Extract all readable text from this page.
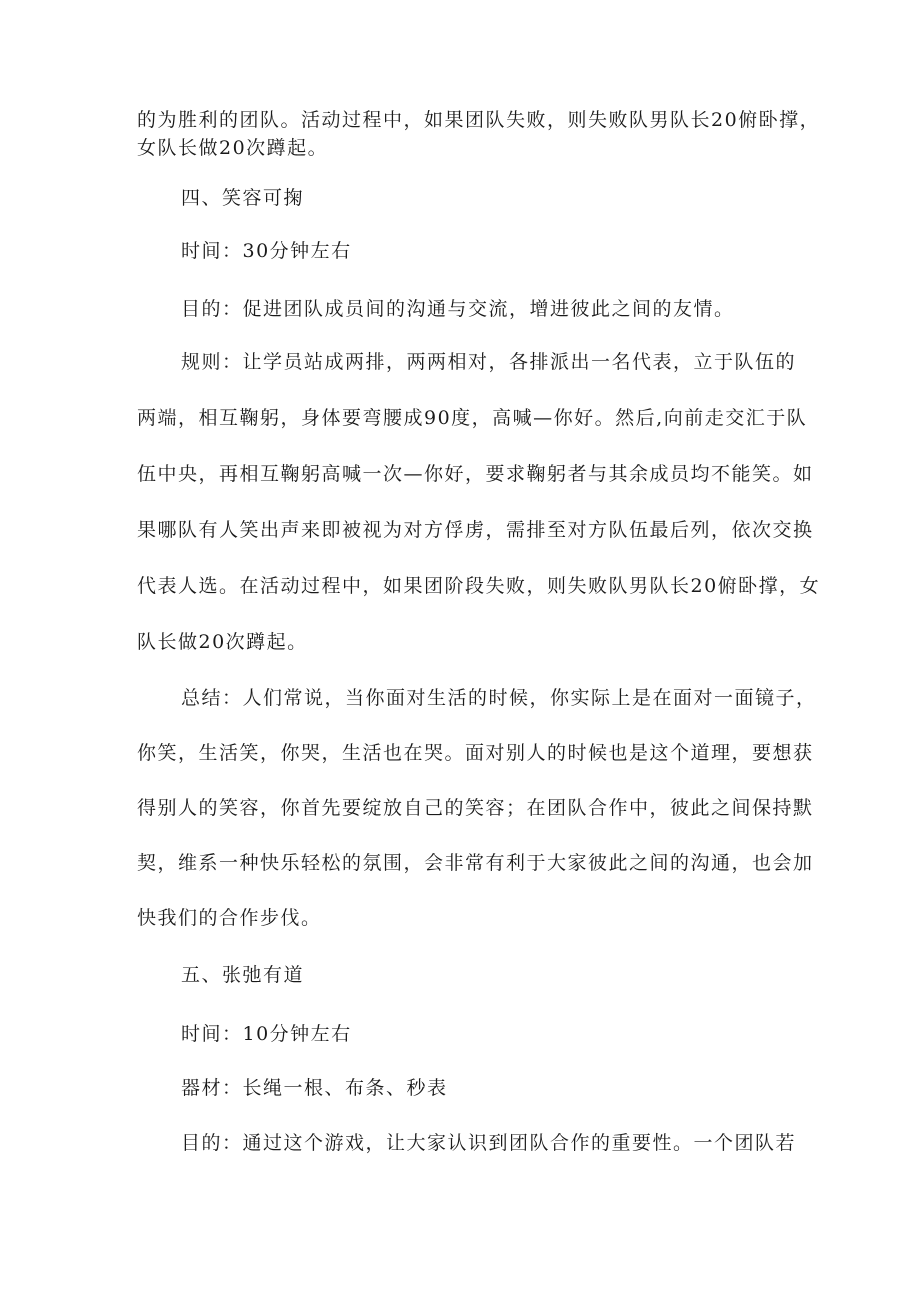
的为胜利的团队。活动过程中，如果团队失败，则失败队男队长20俯卧撑，
女队长做20次蹲起。
四、笑容可掬
时间：30分钟左右
目的：促进团队成员间的沟通与交流，增进彼此之间的友情。
规则：让学员站成两排，两两相对，各排派出一名代表，立于队伍的
两端，相互鞠躬，身体要弯腰成90度，高喊—你好。然后,向前走交汇于队
伍中央，再相互鞠躬高喊一次—你好，要求鞠躬者与其余成员均不能笑。如
果哪队有人笑出声来即被视为对方俘虏，需排至对方队伍最后列，依次交换
代表人选。在活动过程中，如果团阶段失败，则失败队男队长20俯卧撑，女
队长做20次蹲起。
总结：人们常说，当你面对生活的时候，你实际上是在面对一面镜子，
你笑，生活笑，你哭，生活也在哭。面对别人的时候也是这个道理，要想获
得别人的笑容，你首先要绽放自己的笑容；在团队合作中，彼此之间保持默
契，维系一种快乐轻松的氛围，会非常有利于大家彼此之间的沟通，也会加
快我们的合作步伐。
五、张弛有道
时间：10分钟左右
器材：长绳一根、布条、秒表
目的：通过这个游戏，让大家认识到团队合作的重要性。一个团队若
